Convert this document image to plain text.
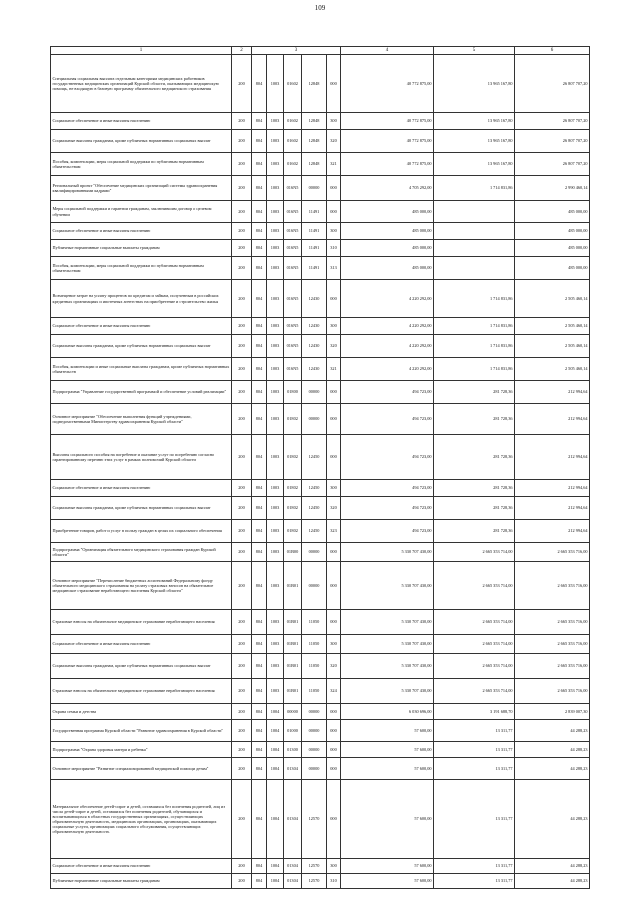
109
1	2	3					4	5	6
Специальная социальная выплата отдельным категориям медицинских работников государственных медицинских организаций Курской области, оказывающих медицинскую помощь, не входящую в базовую программу обязательного медицинского страхования	200	804	1003	01602	12848	000	40 772 875,00	13 965 167,80	26 807 707,20
Социальное обеспечение и иные выплаты населению	200	804	1003	01602	12848	300	40 772 875,00	13 965 167,80	26 807 707,20
Социальные выплаты гражданам, кроме публичных нормативных социальных выплат	200	804	1003	01602	12848	320	40 772 875,00	13 965 167,80	26 807 707,20
Пособия, компенсации, меры социальной поддержки по публичным нормативным обязательствам	200	804	1003	01602	12848	321	40 772 875,00	13 965 167,80	26 807 707,20
Региональный проект "Обеспечение медицинских организаций системы здравоохранения квалифицированными кадрами"	200	804	1003	016N5	00000	000	4 705 292,00	1 714 831,86	2 990 460,14
Меры социальной поддержки и гарантии гражданам, заключившим договор о целевом обучении	200	804	1003	016N5	11491	000	485 000,00		485 000,00
Социальное обеспечение и иные выплаты населению	200	804	1003	016N5	11491	300	485 000,00		485 000,00
Публичные нормативные социальные выплаты гражданам	200	804	1003	016N5	11491	310	485 000,00		485 000,00
Пособия, компенсации, меры социальной поддержки по публичным нормативным обязательствам	200	804	1003	016N5	11491	313	485 000,00		485 000,00
Возмещение затрат на уплату процентов по кредитам и займам, полученным в российских кредитных организациях и ипотечных агентствах на приобретение и строительство жилья	200	804	1003	016N5	12430	000	4 220 292,00	1 714 831,86	2 505 460,14
Социальное обеспечение и иные выплаты населению	200	804	1003	016N5	12430	300	4 220 292,00	1 714 831,86	2 505 460,14
Социальные выплаты гражданам, кроме публичных нормативных социальных выплат	200	804	1003	016N5	12430	320	4 220 292,00	1 714 831,86	2 505 460,14
Пособия, компенсации и иные социальные выплаты гражданам, кроме публичных нормативных обязательств	200	804	1003	016N5	12430	321	4 220 292,00	1 714 831,86	2 505 460,14
Подпрограмма "Управление государственной программой и обеспечение условий реализации"	200	804	1003	01800	00000	000	494 723,00	281 728,36	212 994,64
Основное мероприятие "Обеспечение выполнения функций учреждениями, подведомственными Министерству здравоохранения Курской области"	200	804	1003	01802	00000	000	494 723,00	281 728,36	212 994,64
Выплаты социального пособия на погребение и оказание услуг по погребению согласно гарантированному перечню этих услуг в рамках полномочий Курской области	200	804	1003	01802	12450	000	494 723,00	281 728,36	212 994,64
Социальное обеспечение и иные выплаты населению	200	804	1003	01802	12450	300	494 723,00	281 728,36	212 994,64
Социальные выплаты гражданам, кроме публичных нормативных социальных выплат	200	804	1003	01802	12450	320	494 723,00	281 728,36	212 994,64
Приобретение товаров, работ и услуг в пользу граждан в целях их социального обеспечения	200	804	1003	01802	12450	323	494 723,00	281 728,36	212 994,64
Подпрограмма "Организация обязательного медицинского страхования граждан Курской области"	200	804	1003	01B00	00000	000	5 330 707 430,00	2 665 353 714,00	2 665 353 716,00
Основное мероприятие "Перечисление бюджетных ассигнований Федеральному фонду обязательного медицинского страхования на уплату страховых взносов на обязательное медицинское страхование неработающего населения Курской области"	200	804	1003	01B01	00000	000	5 330 707 430,00	2 665 353 714,00	2 665 353 716,00
Страховые взносы на обязательное медицинское страхование неработающего населения	200	804	1003	01B01	11050	000	5 330 707 430,00	2 665 353 714,00	2 665 353 716,00
Социальное обеспечение и иные выплаты населению	200	804	1003	01B01	11050	300	5 330 707 430,00	2 665 353 714,00	2 665 353 716,00
Социальные выплаты гражданам, кроме публичных нормативных социальных выплат	200	804	1003	01B01	11050	320	5 330 707 430,00	2 665 353 714,00	2 665 353 716,00
Страховые взносы на обязательное медицинское страхование неработающего населения	200	804	1003	01B01	11050	324	5 330 707 430,00	2 665 353 714,00	2 665 353 716,00
Охрана семьи и детства	200	804	1004	00000	00000	000	6 030 696,00	3 191 688,70	2 839 007,30
Государственная программа Курской области "Развитие здравоохранения в Курской области"	200	804	1004	01000	00000	000	57 600,00	13 311,77	44 288,23
Подпрограмма "Охрана здоровья матери и ребенка"	200	804	1004	01300	00000	000	57 600,00	13 311,77	44 288,23
Основное мероприятие "Развитие специализированной медицинской помощи детям"	200	804	1004	01304	00000	000	57 600,00	13 311,77	44 288,23
Материальное обеспечение детей-сирот и детей, оставшихся без попечения родителей, лиц из числа детей-сирот и детей, оставшихся без попечения родителей, обучающихся и воспитывающихся в областных государственных организациях, осуществляющих образовательную деятельность, медицинских организациях, организациях, оказывающих социальные услуги, организациях социального обслуживания, осуществляющих образовательную деятельность	200	804	1004	01304	12570	000	57 600,00	13 311,77	44 288,23
Социальное обеспечение и иные выплаты населению	200	804	1004	01304	12570	300	57 600,00	13 311,77	44 288,23
Публичные нормативные социальные выплаты гражданам	200	804	1004	01304	12570	310	57 600,00	13 311,77	44 288,23
